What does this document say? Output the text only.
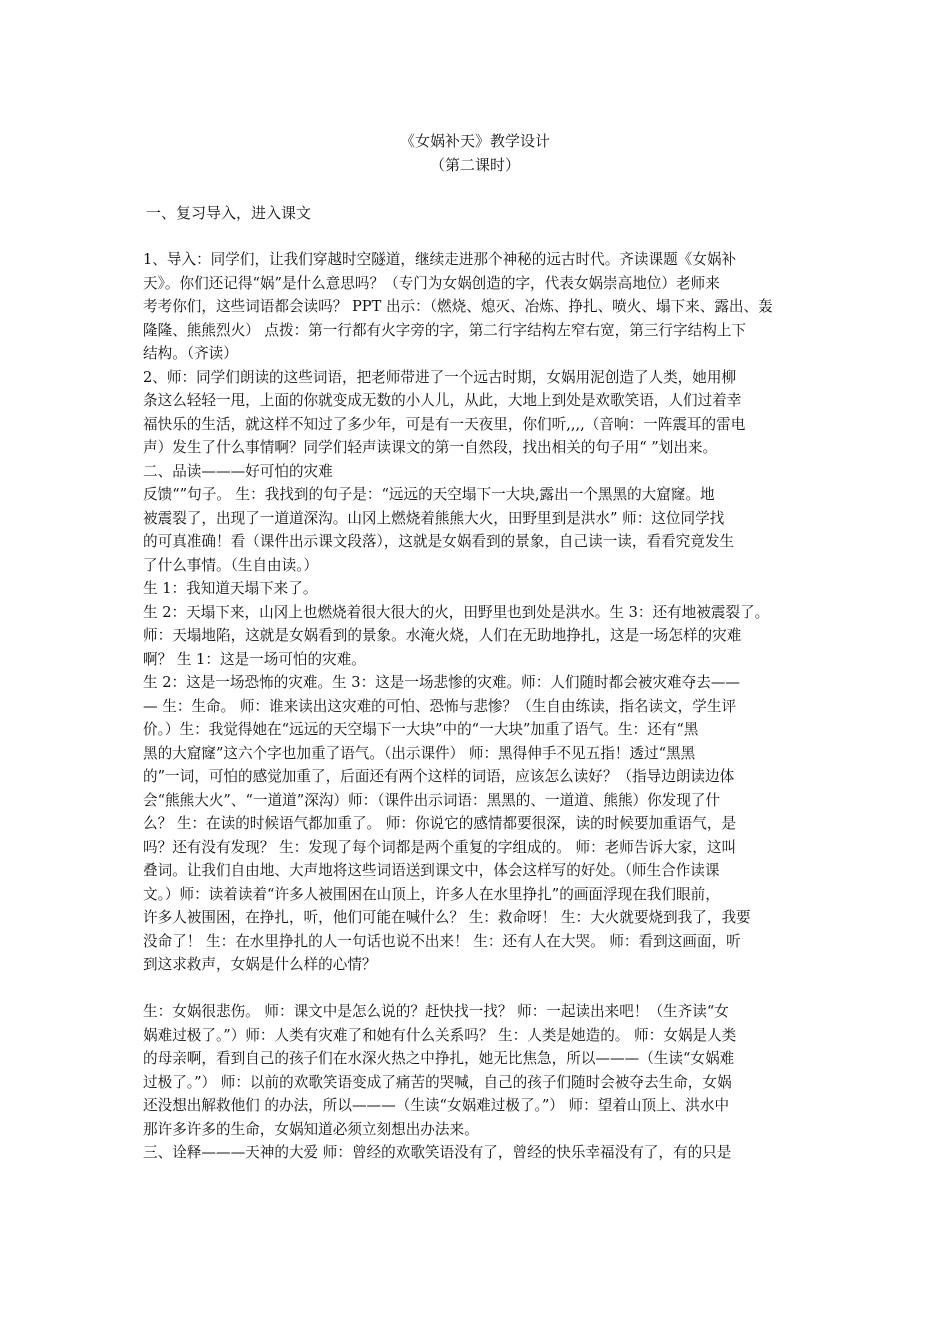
《女娲补天》教学设计
（第二课时）
一、复习导入，进入课文
1、导入：同学们，让我们穿越时空隧道，继续走进那个神秘的远古时代。齐读课题《女娲补
天》。你们还记得“娲”是什么意思吗？（专门为女娲创造的字，代表女娲崇高地位）老师来
考考你们，这些词语都会读吗？ PPT 出示：（燃烧、熄灭、冶炼、挣扎、喷火、塌下来、露出、轰
隆隆、熊熊烈火） 点拨：第一行都有火字旁的字，第二行字结构左窄右宽，第三行字结构上下
结构。（齐读）
2、师：同学们朗读的这些词语，把老师带进了一个远古时期，女娲用泥创造了人类，她用柳
条这么轻轻一甩，上面的你就变成无数的小人儿，从此，大地上到处是欢歌笑语，人们过着幸
福快乐的生活，就这样不知过了多少年，可是有一天夜里，你们听,,,,（音响：一阵震耳的雷电
声）发生了什么事情啊？同学们轻声读课文的第一自然段，找出相关的句子用“ ”划出来。
二、品读———好可怕的灾难
反馈“”句子。 生：我找到的句子是：“远远的天空塌下一大块,露出一个黑黑的大窟窿。地
被震裂了，出现了一道道深沟。山冈上燃烧着熊熊大火，田野里到是洪水” 师：这位同学找
的可真准确！看（课件出示课文段落），这就是女娲看到的景象，自己读一读，看看究竟发生
了什么事情。（生自由读。）
生 1：我知道天塌下来了。
生 2：天塌下来，山冈上也燃烧着很大很大的火，田野里也到处是洪水。生 3：还有地被震裂了。
师：天塌地陷，这就是女娲看到的景象。水淹火烧，人们在无助地挣扎，这是一场怎样的灾难
啊？ 生 1：这是一场可怕的灾难。
生 2：这是一场恐怖的灾难。生 3：这是一场悲惨的灾难。师：人们随时都会被灾难夺去——
— 生：生命。 师：谁来读出这灾难的可怕、恐怖与悲惨？（生自由练读，指名读文，学生评
价。）生：我觉得她在“远远的天空塌下一大块”中的“一大块”加重了语气。生：还有“黑
黑的大窟窿”这六个字也加重了语气。（出示课件） 师：黑得伸手不见五指！透过“黑黑
的”一词，可怕的感觉加重了，后面还有两个这样的词语，应该怎么读好？（指导边朗读边体
会“熊熊大火”、“一道道”深沟）师：（课件出示词语：黑黑的、一道道、熊熊）你发现了什
么？ 生：在读的时候语气都加重了。 师：你说它的感情都要很深，读的时候要加重语气，是
吗？还有没有发现？ 生：发现了每个词都是两个重复的字组成的。 师：老师告诉大家，这叫
叠词。让我们自由地、大声地将这些词语送到课文中，体会这样写的好处。（师生合作读课
文。）师：读着读着“许多人被围困在山顶上，许多人在水里挣扎”的画面浮现在我们眼前，
许多人被围困，在挣扎，听，他们可能在喊什么？ 生：救命呀！ 生：大火就要烧到我了，我要
没命了！ 生：在水里挣扎的人一句话也说不出来！ 生：还有人在大哭。 师：看到这画面，听
到这求救声，女娲是什么样的心情？
生：女娲很悲伤。 师：课文中是怎么说的？赶快找一找？ 师：一起读出来吧！（生齐读“女
娲难过极了。”）师：人类有灾难了和她有什么关系吗？ 生：人类是她造的。 师：女娲是人类
的母亲啊，看到自己的孩子们在水深火热之中挣扎，她无比焦急，所以———（生读“女娲难
过极了。”） 师：以前的欢歌笑语变成了痛苦的哭喊，自己的孩子们随时会被夺去生命，女娲
还没想出解救他们 的办法，所以———（生读“女娲难过极了。”） 师：望着山顶上、洪水中
那许多许多的生命，女娲知道必须立刻想出办法来。
三、诠释———天神的大爱 师：曾经的欢歌笑语没有了，曾经的快乐幸福没有了，有的只是
